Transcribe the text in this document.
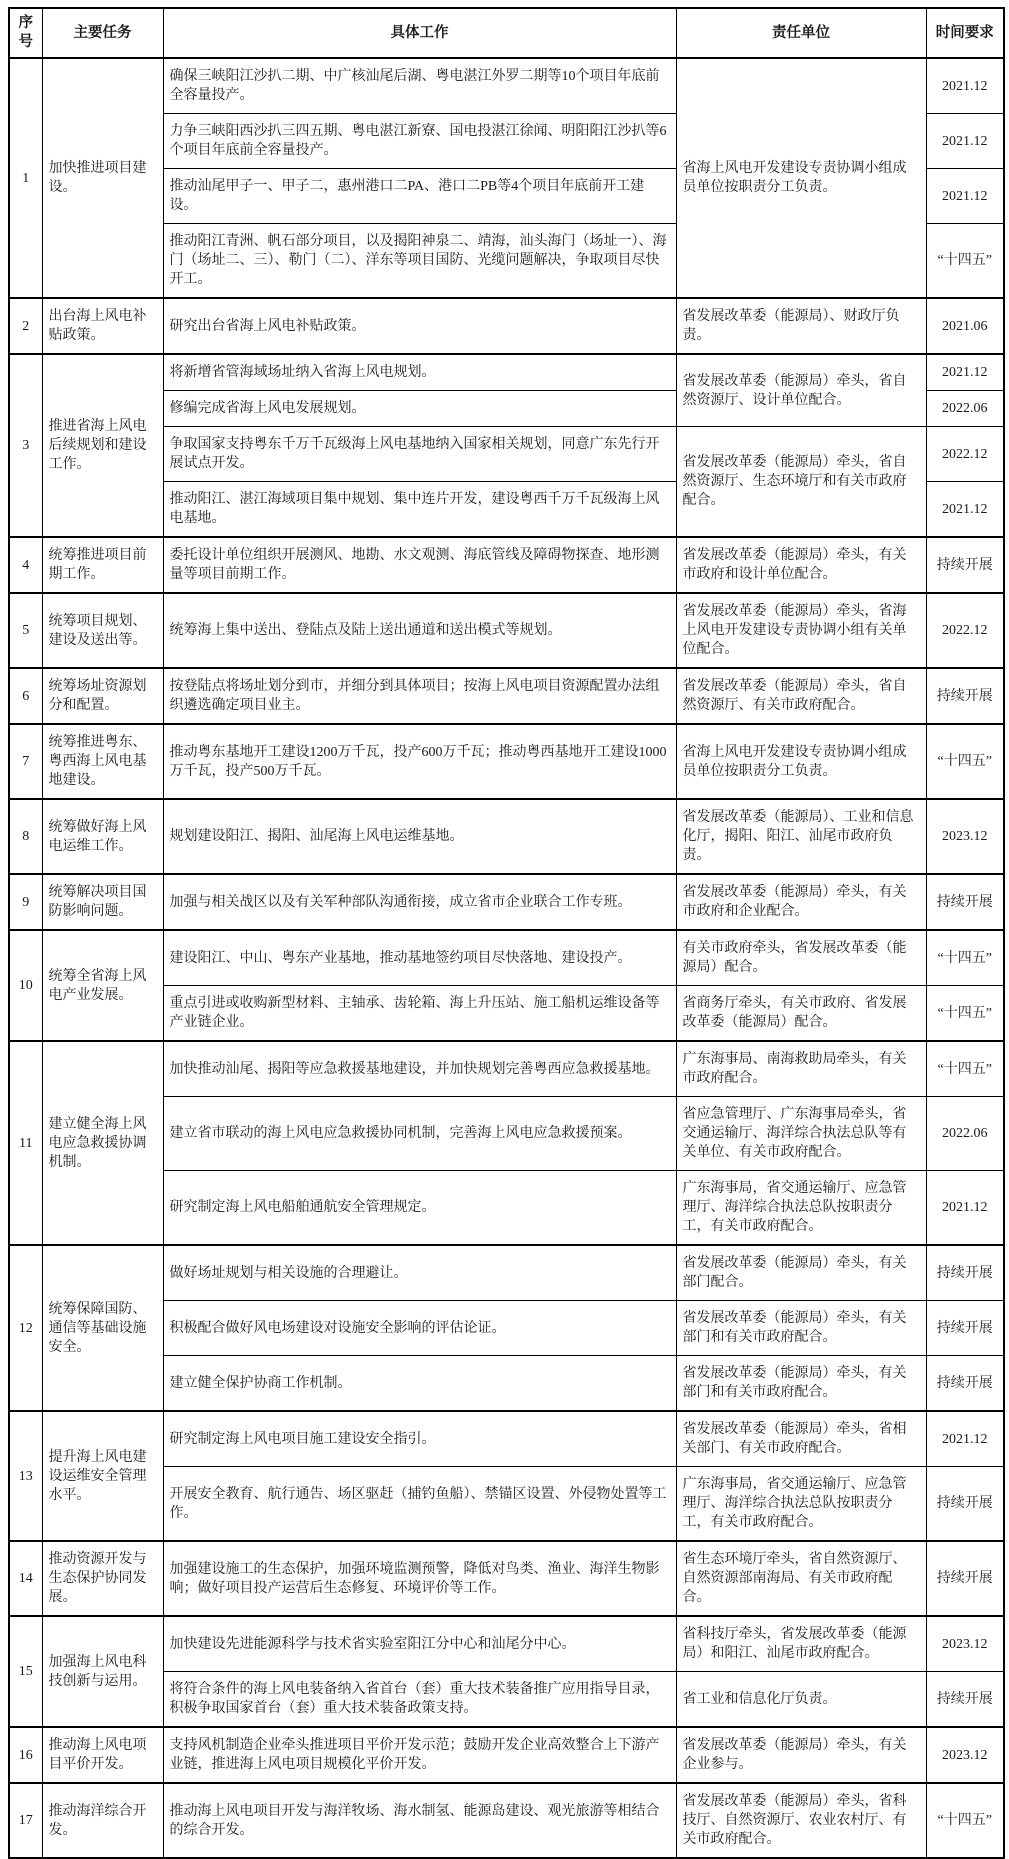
序号	主要任务	具体工作	责任单位	时间要求
1	加快推进项目建设。	确保三峡阳江沙扒二期、中广核汕尾后湖、粤电湛江外罗二期等10个项目年底前全容量投产。	省海上风电开发建设专责协调小组成员单位按职责分工负责。	2021.12
		力争三峡阳西沙扒三四五期、粤电湛江新寮、国电投湛江徐闻、明阳阳江沙扒等6个项目年底前全容量投产。		2021.12
		推动汕尾甲子一、甲子二，惠州港口二PA、港口二PB等4个项目年底前开工建设。		2021.12
		推动阳江青洲、帆石部分项目，以及揭阳神泉二、靖海，汕头海门（场址一）、海门（场址二、三）、勒门（二）、洋东等项目国防、光缆问题解决，争取项目尽快开工。		“十四五”
2	出台海上风电补贴政策。	研究出台省海上风电补贴政策。	省发展改革委（能源局）、财政厅负责。	2021.06
3	推进省海上风电后续规划和建设工作。	将新增省管海域场址纳入省海上风电规划。	省发展改革委（能源局）牵头，省自然资源厅、设计单位配合。	2021.12
		修编完成省海上风电发展规划。		2022.06
		争取国家支持粤东千万千瓦级海上风电基地纳入国家相关规划，同意广东先行开展试点开发。	省发展改革委（能源局）牵头，省自然资源厅、生态环境厅和有关市政府配合。	2022.12
		推动阳江、湛江海域项目集中规划、集中连片开发，建设粤西千万千瓦级海上风电基地。		2021.12
4	统筹推进项目前期工作。	委托设计单位组织开展测风、地勘、水文观测、海底管线及障碍物探查、地形测量等项目前期工作。	省发展改革委（能源局）牵头，有关市政府和设计单位配合。	持续开展
5	统筹项目规划、建设及送出等。	统筹海上集中送出、登陆点及陆上送出通道和送出模式等规划。	省发展改革委（能源局）牵头，省海上风电开发建设专责协调小组有关单位配合。	2022.12
6	统筹场址资源划分和配置。	按登陆点将场址划分到市，并细分到具体项目；按海上风电项目资源配置办法组织遴选确定项目业主。	省发展改革委（能源局）牵头，省自然资源厅、有关市政府配合。	持续开展
7	统筹推进粤东、粤西海上风电基地建设。	推动粤东基地开工建设1200万千瓦，投产600万千瓦；推动粤西基地开工建设1000万千瓦，投产500万千瓦。	省海上风电开发建设专责协调小组成员单位按职责分工负责。	“十四五”
8	统筹做好海上风电运维工作。	规划建设阳江、揭阳、汕尾海上风电运维基地。	省发展改革委（能源局）、工业和信息化厅，揭阳、阳江、汕尾市政府负责。	2023.12
9	统筹解决项目国防影响问题。	加强与相关战区以及有关军种部队沟通衔接，成立省市企业联合工作专班。	省发展改革委（能源局）牵头，有关市政府和企业配合。	持续开展
10	统筹全省海上风电产业发展。	建设阳江、中山、粤东产业基地，推动基地签约项目尽快落地、建设投产。	有关市政府牵头，省发展改革委（能源局）配合。	“十四五”
		重点引进或收购新型材料、主轴承、齿轮箱、海上升压站、施工船机运维设备等产业链企业。	省商务厅牵头，有关市政府、省发展改革委（能源局）配合。	“十四五”
11	建立健全海上风电应急救援协调机制。	加快推动汕尾、揭阳等应急救援基地建设，并加快规划完善粤西应急救援基地。	广东海事局、南海救助局牵头，有关市政府配合。	“十四五”
		建立省市联动的海上风电应急救援协同机制，完善海上风电应急救援预案。	省应急管理厅、广东海事局牵头，省交通运输厅、海洋综合执法总队等有关单位、有关市政府配合。	2022.06
		研究制定海上风电船舶通航安全管理规定。	广东海事局，省交通运输厅、应急管理厅、海洋综合执法总队按职责分工，有关市政府配合。	2021.12
12	统筹保障国防、通信等基础设施安全。	做好场址规划与相关设施的合理避让。	省发展改革委（能源局）牵头，有关部门配合。	持续开展
		积极配合做好风电场建设对设施安全影响的评估论证。	省发展改革委（能源局）牵头，有关部门和有关市政府配合。	持续开展
		建立健全保护协商工作机制。	省发展改革委（能源局）牵头，有关部门和有关市政府配合。	持续开展
13	提升海上风电建设运维安全管理水平。	研究制定海上风电项目施工建设安全指引。	省发展改革委（能源局）牵头，省相关部门、有关市政府配合。	2021.12
		开展安全教育、航行通告、场区驱赶（捕钓鱼船）、禁锚区设置、外侵物处置等工作。	广东海事局，省交通运输厅、应急管理厅、海洋综合执法总队按职责分工，有关市政府配合。	持续开展
14	推动资源开发与生态保护协同发展。	加强建设施工的生态保护，加强环境监测预警，降低对鸟类、渔业、海洋生物影响；做好项目投产运营后生态修复、环境评价等工作。	省生态环境厅牵头，省自然资源厅、自然资源部南海局、有关市政府配合。	持续开展
15	加强海上风电科技创新与运用。	加快建设先进能源科学与技术省实验室阳江分中心和汕尾分中心。	省科技厅牵头，省发展改革委（能源局）和阳江、汕尾市政府配合。	2023.12
		将符合条件的海上风电装备纳入省首台（套）重大技术装备推广应用指导目录，积极争取国家首台（套）重大技术装备政策支持。	省工业和信息化厅负责。	持续开展
16	推动海上风电项目平价开发。	支持风机制造企业牵头推进项目平价开发示范；鼓励开发企业高效整合上下游产业链，推进海上风电项目规模化平价开发。	省发展改革委（能源局）牵头，有关企业参与。	2023.12
17	推动海洋综合开发。	推动海上风电项目开发与海洋牧场、海水制氢、能源岛建设、观光旅游等相结合的综合开发。	省发展改革委（能源局）牵头，省科技厅、自然资源厅、农业农村厅、有关市政府配合。	“十四五”
